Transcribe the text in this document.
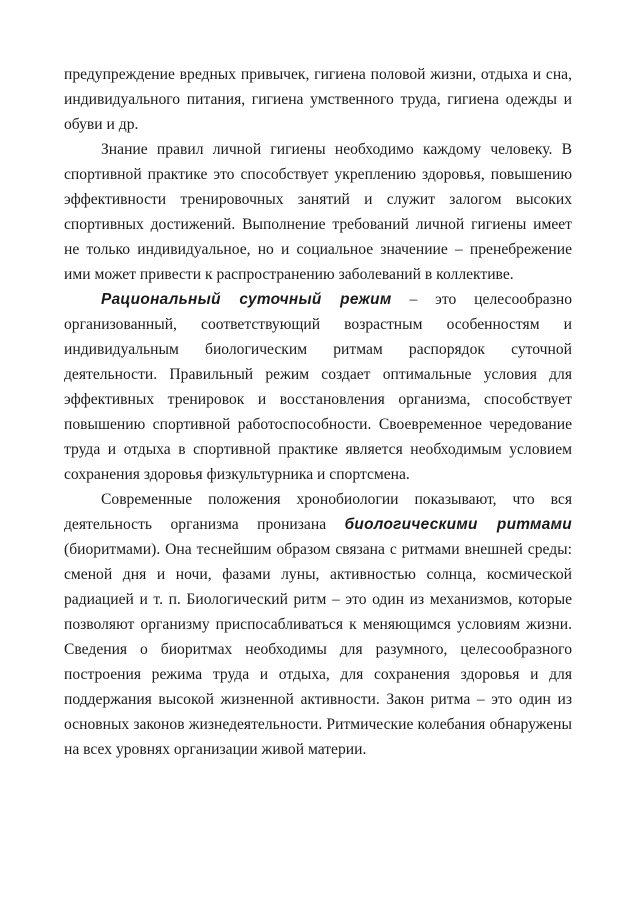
предупреждение вредных привычек, гигиена половой жизни, отдыха и сна, индивидуального питания, гигиена умственного труда, гигиена одежды и обуви и др.

Знание правил личной гигиены необходимо каждому человеку. В спортивной практике это способствует укреплению здоровья, повышению эффективности тренировочных занятий и служит залогом высоких спортивных достижений. Выполнение требований личной гигиены имеет не только индивидуальное, но и социальное значениие – пренебрежение ими может привести к распространению заболеваний в коллективе.

Рациональный суточный режим – это целесообразно организованный, соответствующий возрастным особенностям и индивидуальным биологическим ритмам распорядок суточной деятельности. Правильный режим создает оптимальные условия для эффективных тренировок и восстановления организма, способствует повышению спортивной работоспособности. Своевременное чередование труда и отдыха в спортивной практике является необходимым условием сохранения здоровья физкультурника и спортсмена.

Современные положения хронобиологии показывают, что вся деятельность организма пронизана биологическими ритмами (биоритмами). Она теснейшим образом связана с ритмами внешней среды: сменой дня и ночи, фазами луны, активностью солнца, космической радиацией и т. п. Биологический ритм – это один из механизмов, которые позволяют организму приспосабливаться к меняющимся условиям жизни. Сведения о биоритмах необходимы для разумного, целесообразного построения режима труда и отдыха, для сохранения здоровья и для поддержания высокой жизненной активности. Закон ритма – это один из основных законов жизнедеятельности. Ритмические колебания обнаружены на всех уровнях организации живой материи.
